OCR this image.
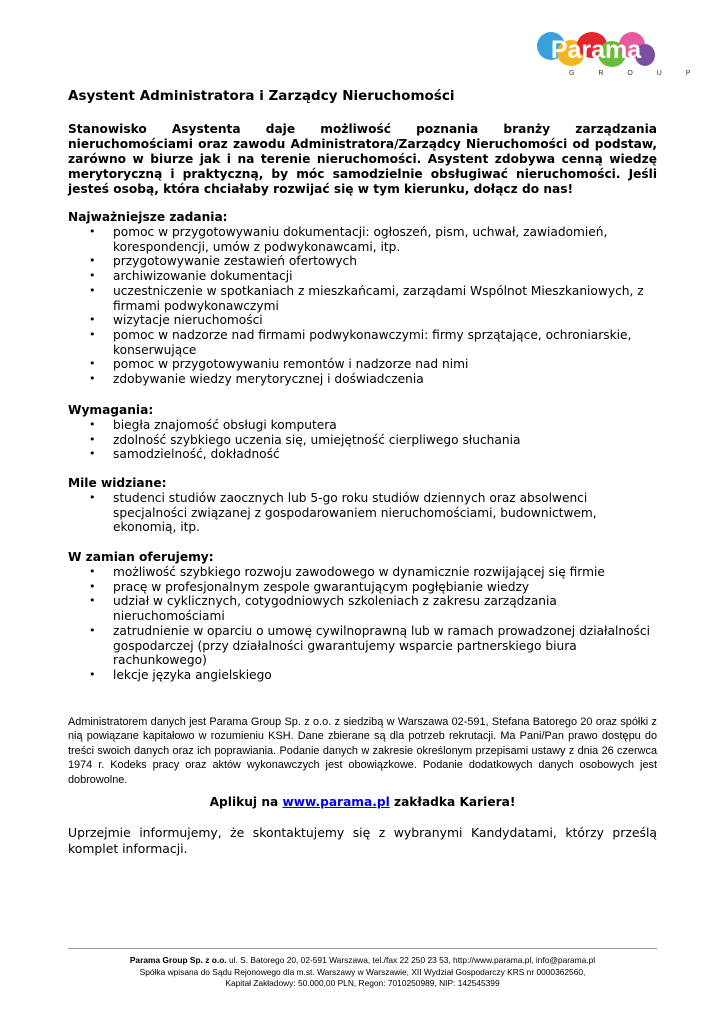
Parama
G R O U P
Asystent Administratora i Zarządcy Nieruchomości

Stanowisko Asystenta daje możliwość poznania branży zarządzania nieruchomościami oraz zawodu Administratora/Zarządcy Nieruchomości od podstaw, zarówno w biurze jak i na terenie nieruchomości. Asystent zdobywa cenną wiedzę merytoryczną i praktyczną, by móc samodzielnie obsługiwać nieruchomości. Jeśli jesteś osobą, która chciałaby rozwijać się w tym kierunku, dołącz do nas!

Najważniejsze zadania:
• pomoc w przygotowywaniu dokumentacji: ogłoszeń, pism, uchwał, zawiadomień, korespondencji, umów z podwykonawcami, itp.
• przygotowywanie zestawień ofertowych
• archiwizowanie dokumentacji
• uczestniczenie w spotkaniach z mieszkańcami, zarządami Wspólnot Mieszkaniowych, z firmami podwykonawczymi
• wizytacje nieruchomości
• pomoc w nadzorze nad firmami podwykonawczymi: firmy sprzątające, ochroniarskie, konserwujące
• pomoc w przygotowywaniu remontów i nadzorze nad nimi
• zdobywanie wiedzy merytorycznej i doświadczenia
Wymagania:
• biegła znajomość obsługi komputera
• zdolność szybkiego uczenia się, umiejętność cierpliwego słuchania
• samodzielność, dokładność
Mile widziane:
• studenci studiów zaocznych lub 5-go roku studiów dziennych oraz absolwenci specjalności związanej z gospodarowaniem nieruchomościami, budownictwem, ekonomią, itp.
W zamian oferujemy:
• możliwość szybkiego rozwoju zawodowego w dynamicznie rozwijającej się firmie
• pracę w profesjonalnym zespole gwarantującym pogłębianie wiedzy
• udział w cyklicznych, cotygodniowych szkoleniach z zakresu zarządzania nieruchomościami
• zatrudnienie w oparciu o umowę cywilnoprawną lub w ramach prowadzonej działalności gospodarczej (przy działalności gwarantujemy wsparcie partnerskiego biura rachunkowego)
• lekcje języka angielskiego

Administratorem danych jest Parama Group Sp. z o.o. z siedzibą w Warszawa 02-591, Stefana Batorego 20 oraz spółki z nią powiązane kapitałowo w rozumieniu KSH. Dane zbierane są dla potrzeb rekrutacji. Ma Pani/Pan prawo dostępu do treści swoich danych oraz ich poprawiania. Podanie danych w zakresie określonym przepisami ustawy z dnia 26 czerwca 1974 r. Kodeks pracy oraz aktów wykonawczych jest obowiązkowe. Podanie dodatkowych danych osobowych jest dobrowolne.

Aplikuj na www.parama.pl zakładka Kariera!

Uprzejmie informujemy, że skontaktujemy się z wybranymi Kandydatami, którzy prześlą komplet informacji.

Parama Group Sp. z o.o. ul. S. Batorego 20, 02-591 Warszawa, tel./fax 22 250 23 53, http://www.parama.pl, info@parama.pl
Spółka wpisana do Sądu Rejonowego dla m.st. Warszawy w Warszawie, XII Wydział Gospodarczy KRS nr 0000362560,
Kapitał Zakładowy: 50.000,00 PLN, Regon: 7010250989, NIP: 142545399
